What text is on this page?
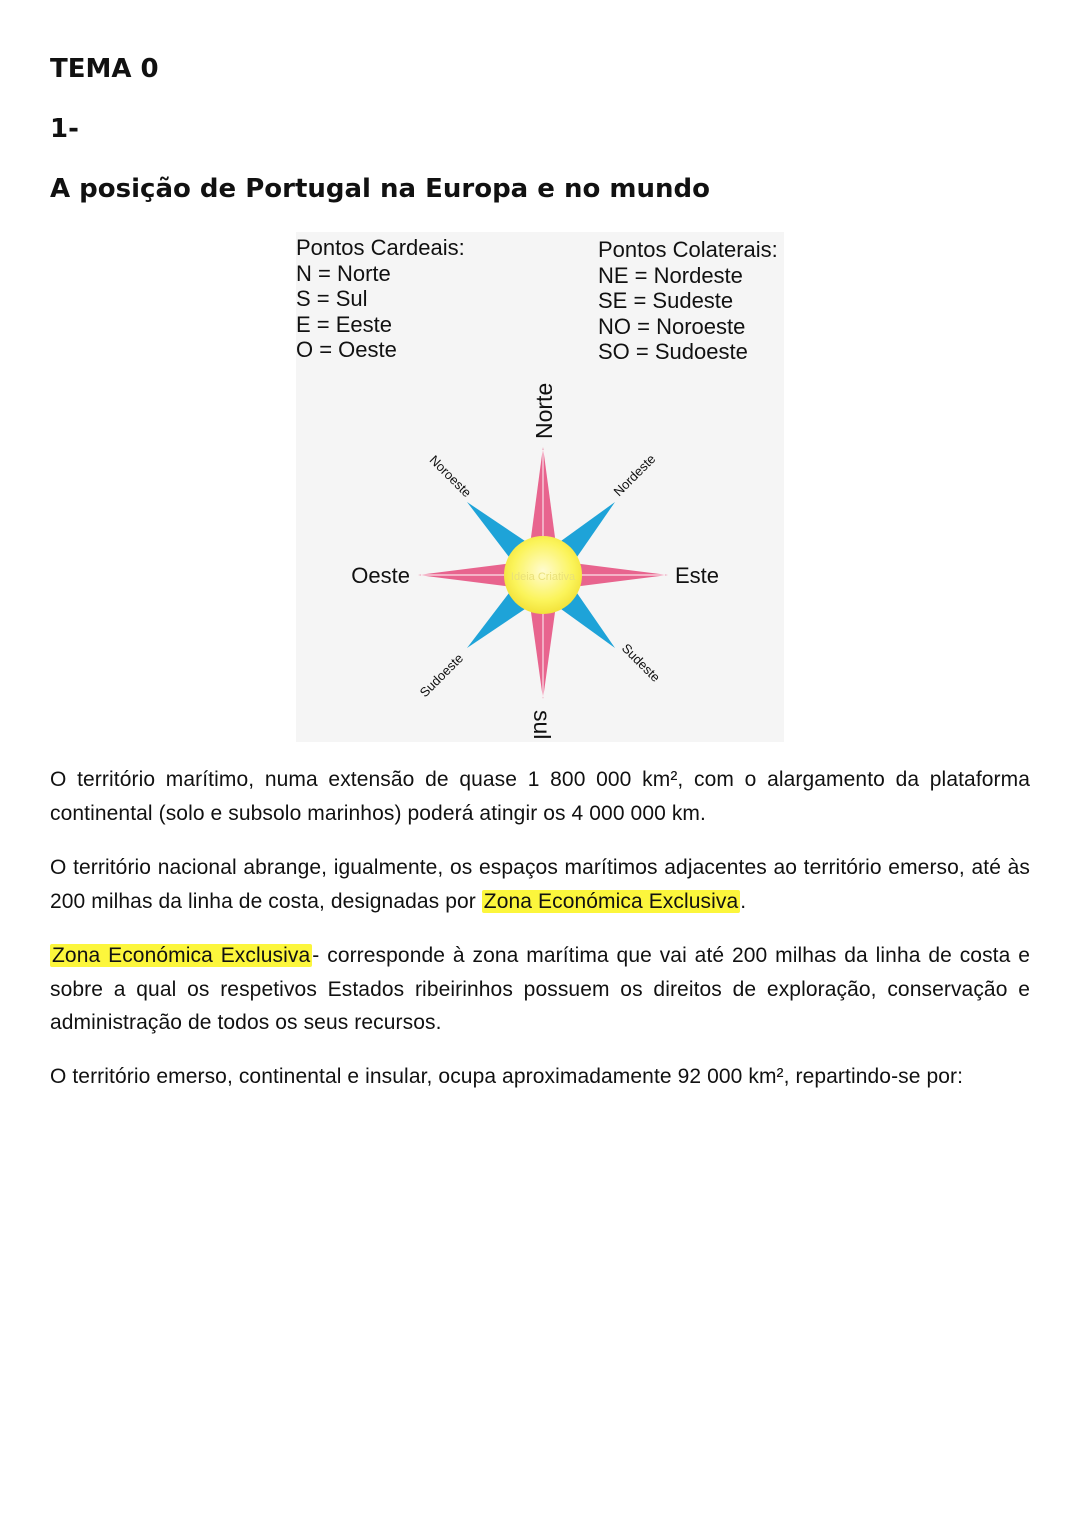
TEMA 0
1-
A posição de Portugal na Europa e no mundo
Pontos Cardeais:
N = Norte
S = Sul
E = Eeste
O = Oeste
Pontos Colaterais:
NE = Nordeste
SE = Sudeste
NO = Noroeste
SO = Sudoeste
Ideia Criativa
Norte
sul
Oeste	Este
Noroeste	Nordeste
Sudoeste	Sudeste

O território marítimo, numa extensão de quase 1 800 000 km², com o alargamento da plataforma continental (solo e subsolo marinhos) poderá atingir os 4 000 000 km.

O território nacional abrange, igualmente, os espaços marítimos adjacentes ao território emerso, até às 200 milhas da linha de costa, designadas por Zona Económica Exclusiva.

Zona Económica Exclusiva- corresponde à zona marítima que vai até 200 milhas da linha de costa e sobre a qual os respetivos Estados ribeirinhos possuem os direitos de exploração, conservação e administração de todos os seus recursos.

O território emerso, continental e insular, ocupa aproximadamente 92 000 km², repartindo-se por:
